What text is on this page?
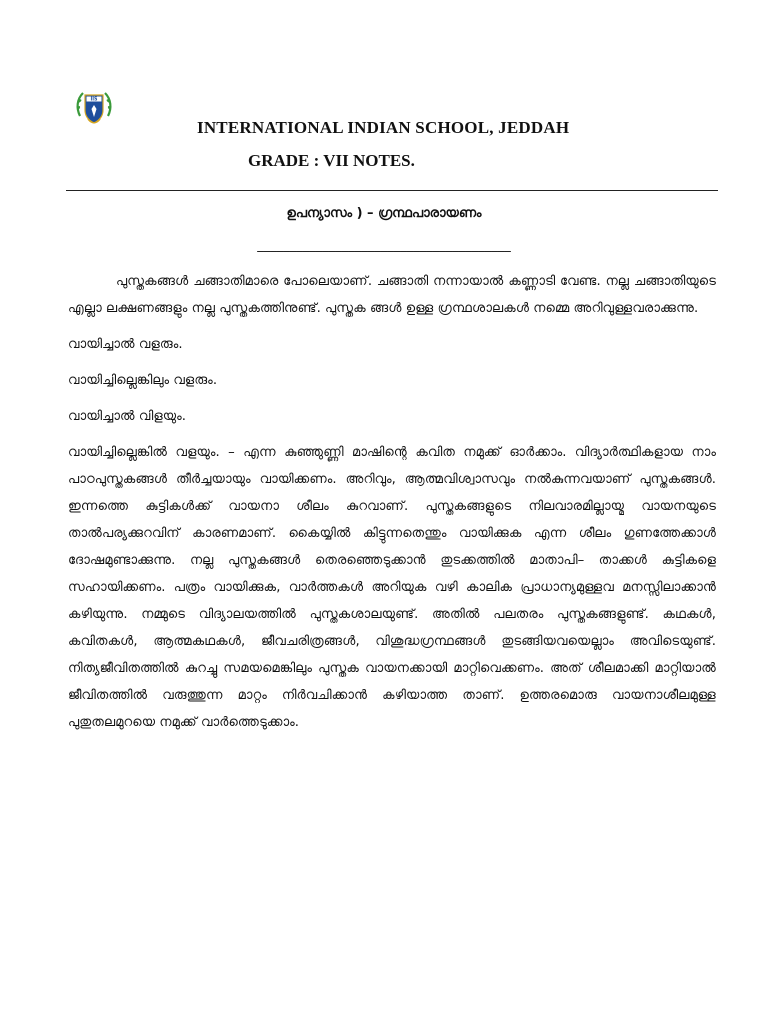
IIS
INTERNATIONAL INDIAN SCHOOL, JEDDAH
GRADE : VII NOTES.
ഉപന്യാസം ) – ഗ്രന്ഥപാരായണം
_______________________________________

പുസ്തകങ്ങൾ ചങ്ങാതിമാരെ പോലെയാണ്. ചങ്ങാതി നന്നായാൽ കണ്ണാടി വേണ്ട. നല്ല ചങ്ങാതിയുടെ എല്ലാ ലക്ഷണങ്ങളും നല്ല പുസ്തകത്തിനുണ്ട്. പുസ്തക ങ്ങൾ ഉള്ള ഗ്രന്ഥശാലകൾ നമ്മെ അറിവുള്ളവരാക്കുന്നു.

വായിച്ചാൽ വളരും.

വായിച്ചില്ലെങ്കിലും വളരും.

വായിച്ചാൽ വിളയും.

വായിച്ചില്ലെങ്കിൽ വളയും. – എന്ന കുഞ്ഞുണ്ണി മാഷിന്റെ കവിത നമുക്ക് ഓർക്കാം. വിദ്യാർത്ഥികളായ നാം പാഠപുസ്തകങ്ങൾ തീർച്ചയായും വായിക്കണം. അറിവും, ആത്മവിശ്വാസവും നൽകുന്നവയാണ് പുസ്തകങ്ങൾ. ഇന്നത്തെ കുട്ടികൾക്ക് വായനാ ശീലം കുറവാണ്. പുസ്തകങ്ങളുടെ നിലവാരമില്ലായ്മ വായനയുടെ താൽപര്യക്കുറവിന് കാരണമാണ്. കൈയ്യിൽ കിട്ടുന്നതെന്തും വായിക്കുക എന്ന ശീലം ഗുണത്തേക്കാൾ ദോഷമുണ്ടാക്കുന്നു. നല്ല പുസ്തകങ്ങൾ തെരഞ്ഞെടുക്കാൻ തുടക്കത്തിൽ മാതാപി– താക്കൾ കുട്ടികളെ സഹായിക്കണം. പത്രം വായിക്കുക, വാർത്തകൾ അറിയുക വഴി കാലിക പ്രാധാന്യമുള്ളവ മനസ്സിലാക്കാൻ കഴിയുന്നു. നമ്മുടെ വിദ്യാലയത്തിൽ പുസ്തകശാലയുണ്ട്. അതിൽ പലതരം പുസ്തകങ്ങളുണ്ട്. കഥകൾ, കവിതകൾ, ആത്മകഥകൾ, ജീവചരിത്രങ്ങൾ, വിശുദ്ധഗ്രന്ഥങ്ങൾ തുടങ്ങിയവയെല്ലാം അവിടെയുണ്ട്. നിത്യജീവിതത്തിൽ കുറച്ചു സമയമെങ്കിലും പുസ്തക വായനക്കായി മാറ്റിവെക്കണം. അത് ശീലമാക്കി മാറ്റിയാൽ ജീവിതത്തിൽ വരുത്തുന്ന മാറ്റം നിർവചിക്കാൻ കഴിയാത്ത താണ്. ഉത്തരമൊരു വായനാശീലമുള്ള പുതുതലമുറയെ നമുക്ക് വാർത്തെടുക്കാം.
